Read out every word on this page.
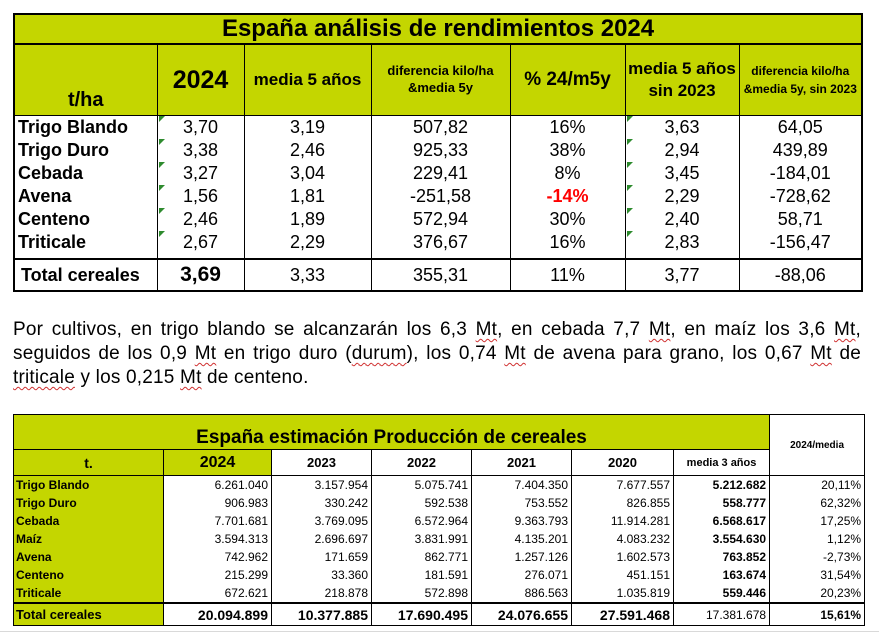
España análisis de rendimientos 2024						
t/ha	2024	media 5 años	diferencia kilo/ha &media 5y	% 24/m5y	media 5 años sin 2023	diferencia kilo/ha &media 5y, sin 2023
Trigo Blando	3,70	3,19	507,82	16%	3,63	64,05
Trigo Duro	3,38	2,46	925,33	38%	2,94	439,89
Cebada	3,27	3,04	229,41	8%	3,45	-184,01
Avena	1,56	1,81	-251,58	-14%	2,29	-728,62
Centeno	2,46	1,89	572,94	30%	2,40	58,71
Triticale	2,67	2,29	376,67	16%	2,83	-156,47

Total cereales	3,69	3,33	355,31	11%	3,77	-88,06

Por cultivos, en trigo blando se alcanzarán los 6,3 Mt, en cebada 7,7 Mt, en maíz los 3,6 Mt, seguidos de los 0,9 Mt en trigo duro (durum), los 0,74 Mt de avena para grano, los 0,67 Mt de triticale y los 0,215 Mt de centeno.

España estimación Producción de cereales							2024/media
t.	2024	2023	2022	2021	2020	media 3 años	
Trigo Blando	6.261.040	3.157.954	5.075.741	7.404.350	7.677.557	5.212.682	20,11%
Trigo Duro	906.983	330.242	592.538	753.552	826.855	558.777	62,32%
Cebada	7.701.681	3.769.095	6.572.964	9.363.793	11.914.281	6.568.617	17,25%
Maíz	3.594.313	2.696.697	3.831.991	4.135.201	4.083.232	3.554.630	1,12%
Avena	742.962	171.659	862.771	1.257.126	1.602.573	763.852	-2,73%
Centeno	215.299	33.360	181.591	276.071	451.151	163.674	31,54%
Triticale	672.621	218.878	572.898	886.563	1.035.819	559.446	20,23%
Total cereales	20.094.899	10.377.885	17.690.495	24.076.655	27.591.468	17.381.678	15,61%
